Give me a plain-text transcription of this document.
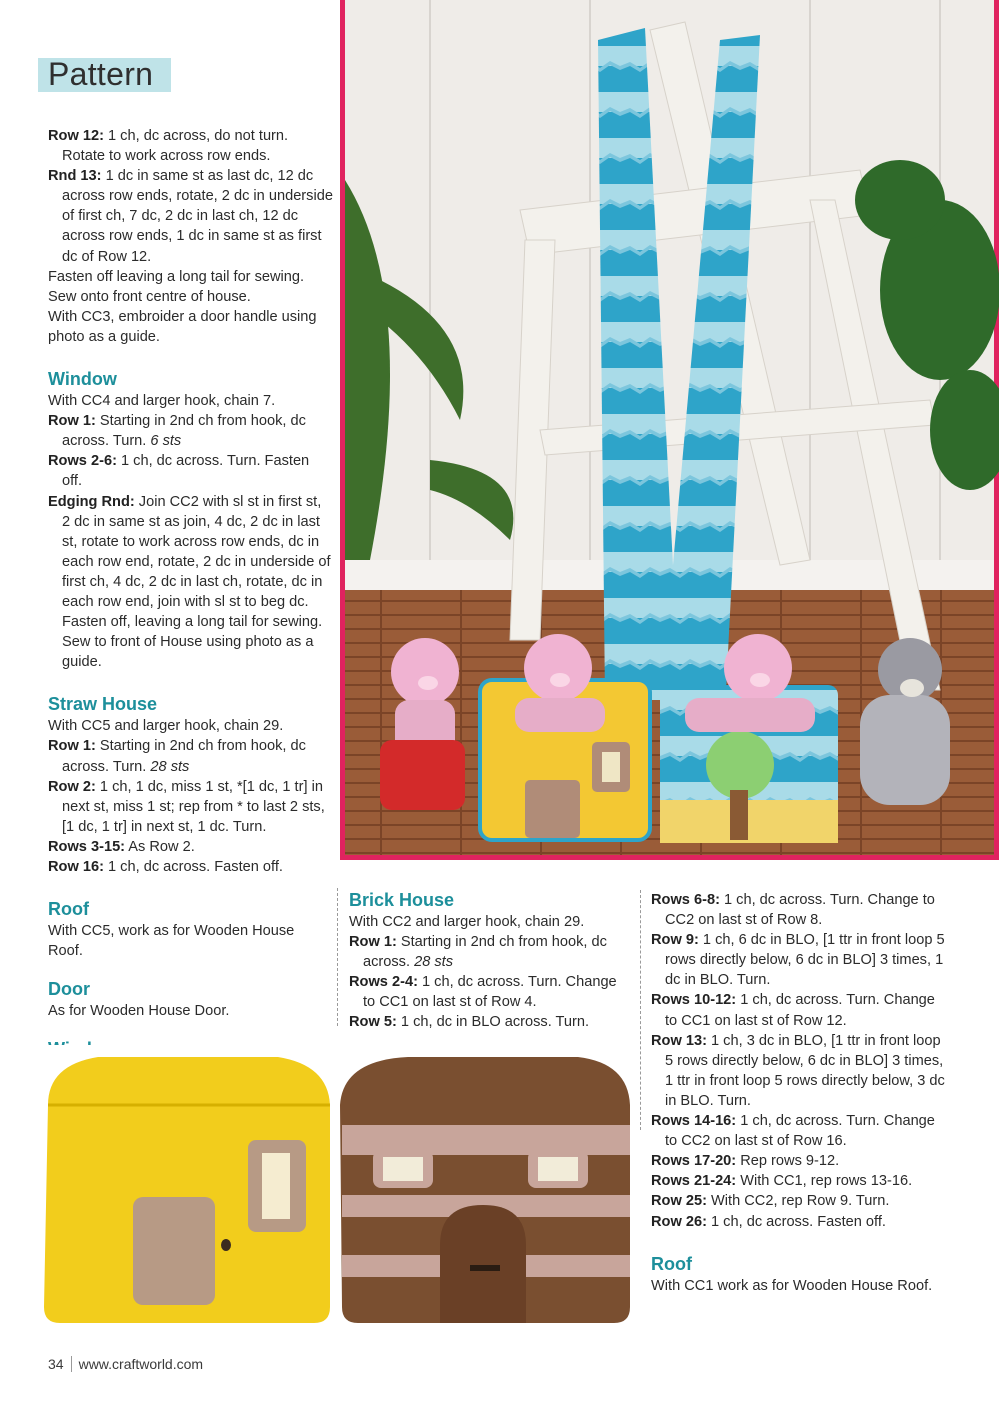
Pattern

Row 12: 1 ch, dc across, do not turn. Rotate to work across row ends.

Rnd 13: 1 dc in same st as last dc, 12 dc across row ends, rotate, 2 dc in underside of first ch, 7 dc, 2 dc in last ch, 12 dc across row ends, 1 dc in same st as first dc of Row 12.

Fasten off leaving a long tail for sewing.

Sew onto front centre of house.

With CC3, embroider a door handle using photo as a guide.

Window

With CC4 and larger hook, chain 7.

Row 1: Starting in 2nd ch from hook, dc across. Turn. 6 sts

Rows 2-6: 1 ch, dc across. Turn. Fasten off.

Edging Rnd: Join CC2 with sl st in first st, 2 dc in same st as join, 4 dc, 2 dc in last st, rotate to work across row ends, dc in each row end, rotate, 2 dc in underside of first ch, 4 dc, 2 dc in last ch, rotate, dc in each row end, join with sl st to beg dc. Fasten off, leaving a long tail for sewing. Sew to front of House using photo as a guide.

Straw House

With CC5 and larger hook, chain 29.

Row 1: Starting in 2nd ch from hook, dc across. Turn. 28 sts

Row 2: 1 ch, 1 dc, miss 1 st, *[1 dc, 1 tr] in next st, miss 1 st; rep from * to last 2 sts, [1 dc, 1 tr] in next st, 1 dc. Turn.

Rows 3-15: As Row 2.

Row 16: 1 ch, dc across. Fasten off.

Roof

With CC5, work as for Wooden House Roof.

Door

As for Wooden House Door.

Brick House

With CC2 and larger hook, chain 29.

Row 1: Starting in 2nd ch from hook, dc across. 28 sts

Rows 2-4: 1 ch, dc across. Turn. Change to CC1 on last st of Row 4.

Row 5: 1 ch, dc in BLO across. Turn.

Rows 6-8: 1 ch, dc across. Turn. Change to CC2 on last st of Row 8.

Row 9: 1 ch, 6 dc in BLO, [1 ttr in front loop 5 rows directly below, 6 dc in BLO] 3 times, 1 dc in BLO. Turn.

Rows 10-12: 1 ch, dc across. Turn. Change to CC1 on last st of Row 12.

Row 13: 1 ch, 3 dc in BLO, [1 ttr in front loop 5 rows directly below, 6 dc in BLO] 3 times, 1 ttr in front loop 5 rows directly below, 3 dc in BLO. Turn.

Rows 14-16: 1 ch, dc across. Turn. Change to CC2 on last st of Row 16.

Rows 17-20: Rep rows 9-12.

Rows 21-24: With CC1, rep rows 13-16.

Row 25: With CC2, rep Row 9. Turn.

Row 26: 1 ch, dc across. Fasten off.

Roof

With CC1 work as for Wooden House Roof.

34 www.craftworld.com
